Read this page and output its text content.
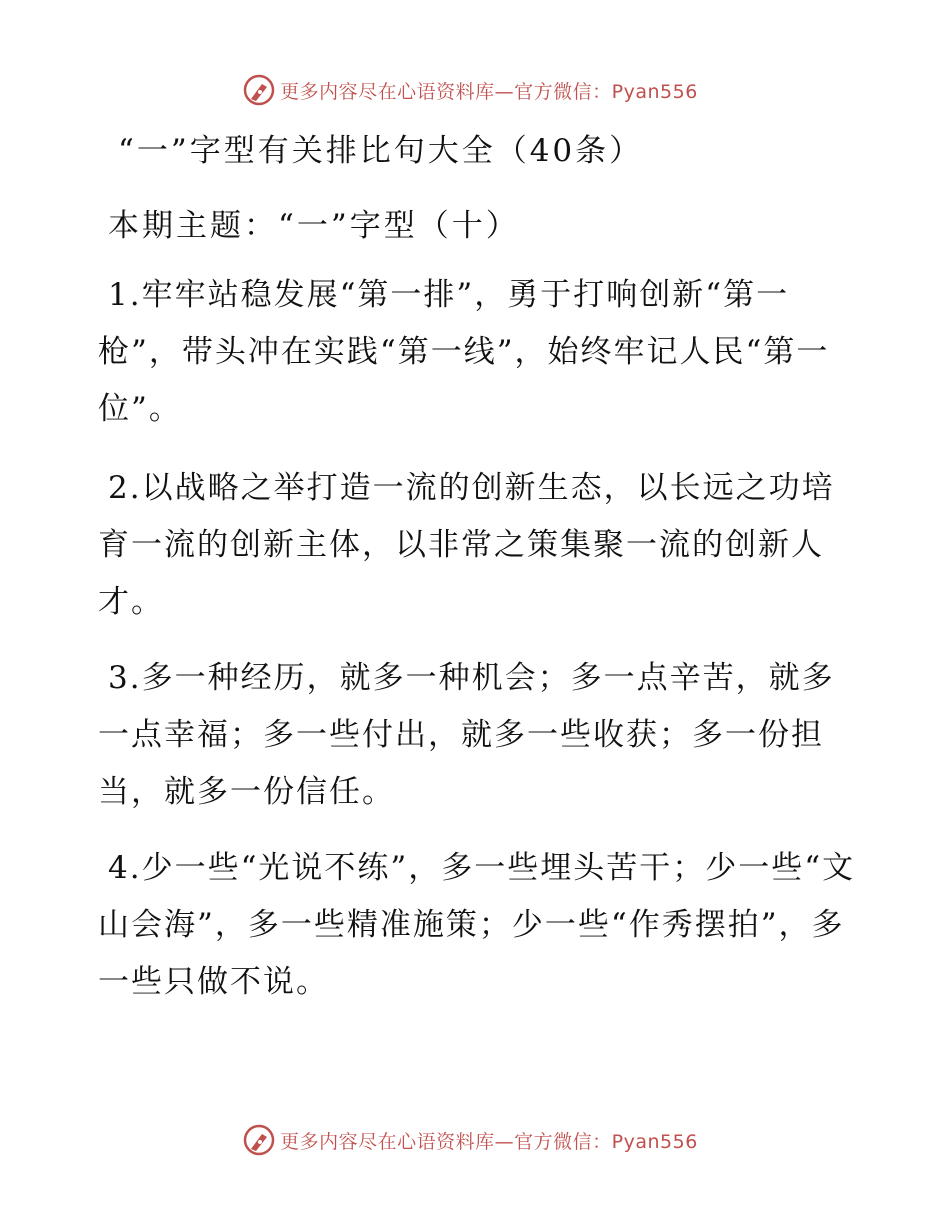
更多内容尽在心语资料库—官方微信：Pyan556
“一”字型有关排比句大全（40条）
本期主题：“一”字型（十）
1.牢牢站稳发展“第一排”，勇于打响创新“第一枪”，带头冲在实践“第一线”，始终牢记人民“第一位”。
2.以战略之举打造一流的创新生态，以长远之功培育一流的创新主体，以非常之策集聚一流的创新人才。
3.多一种经历，就多一种机会；多一点辛苦，就多一点幸福；多一些付出，就多一些收获；多一份担当，就多一份信任。
4.少一些“光说不练”，多一些埋头苦干；少一些“文山会海”，多一些精准施策；少一些“作秀摆拍”，多一些只做不说。
更多内容尽在心语资料库—官方微信：Pyan556
